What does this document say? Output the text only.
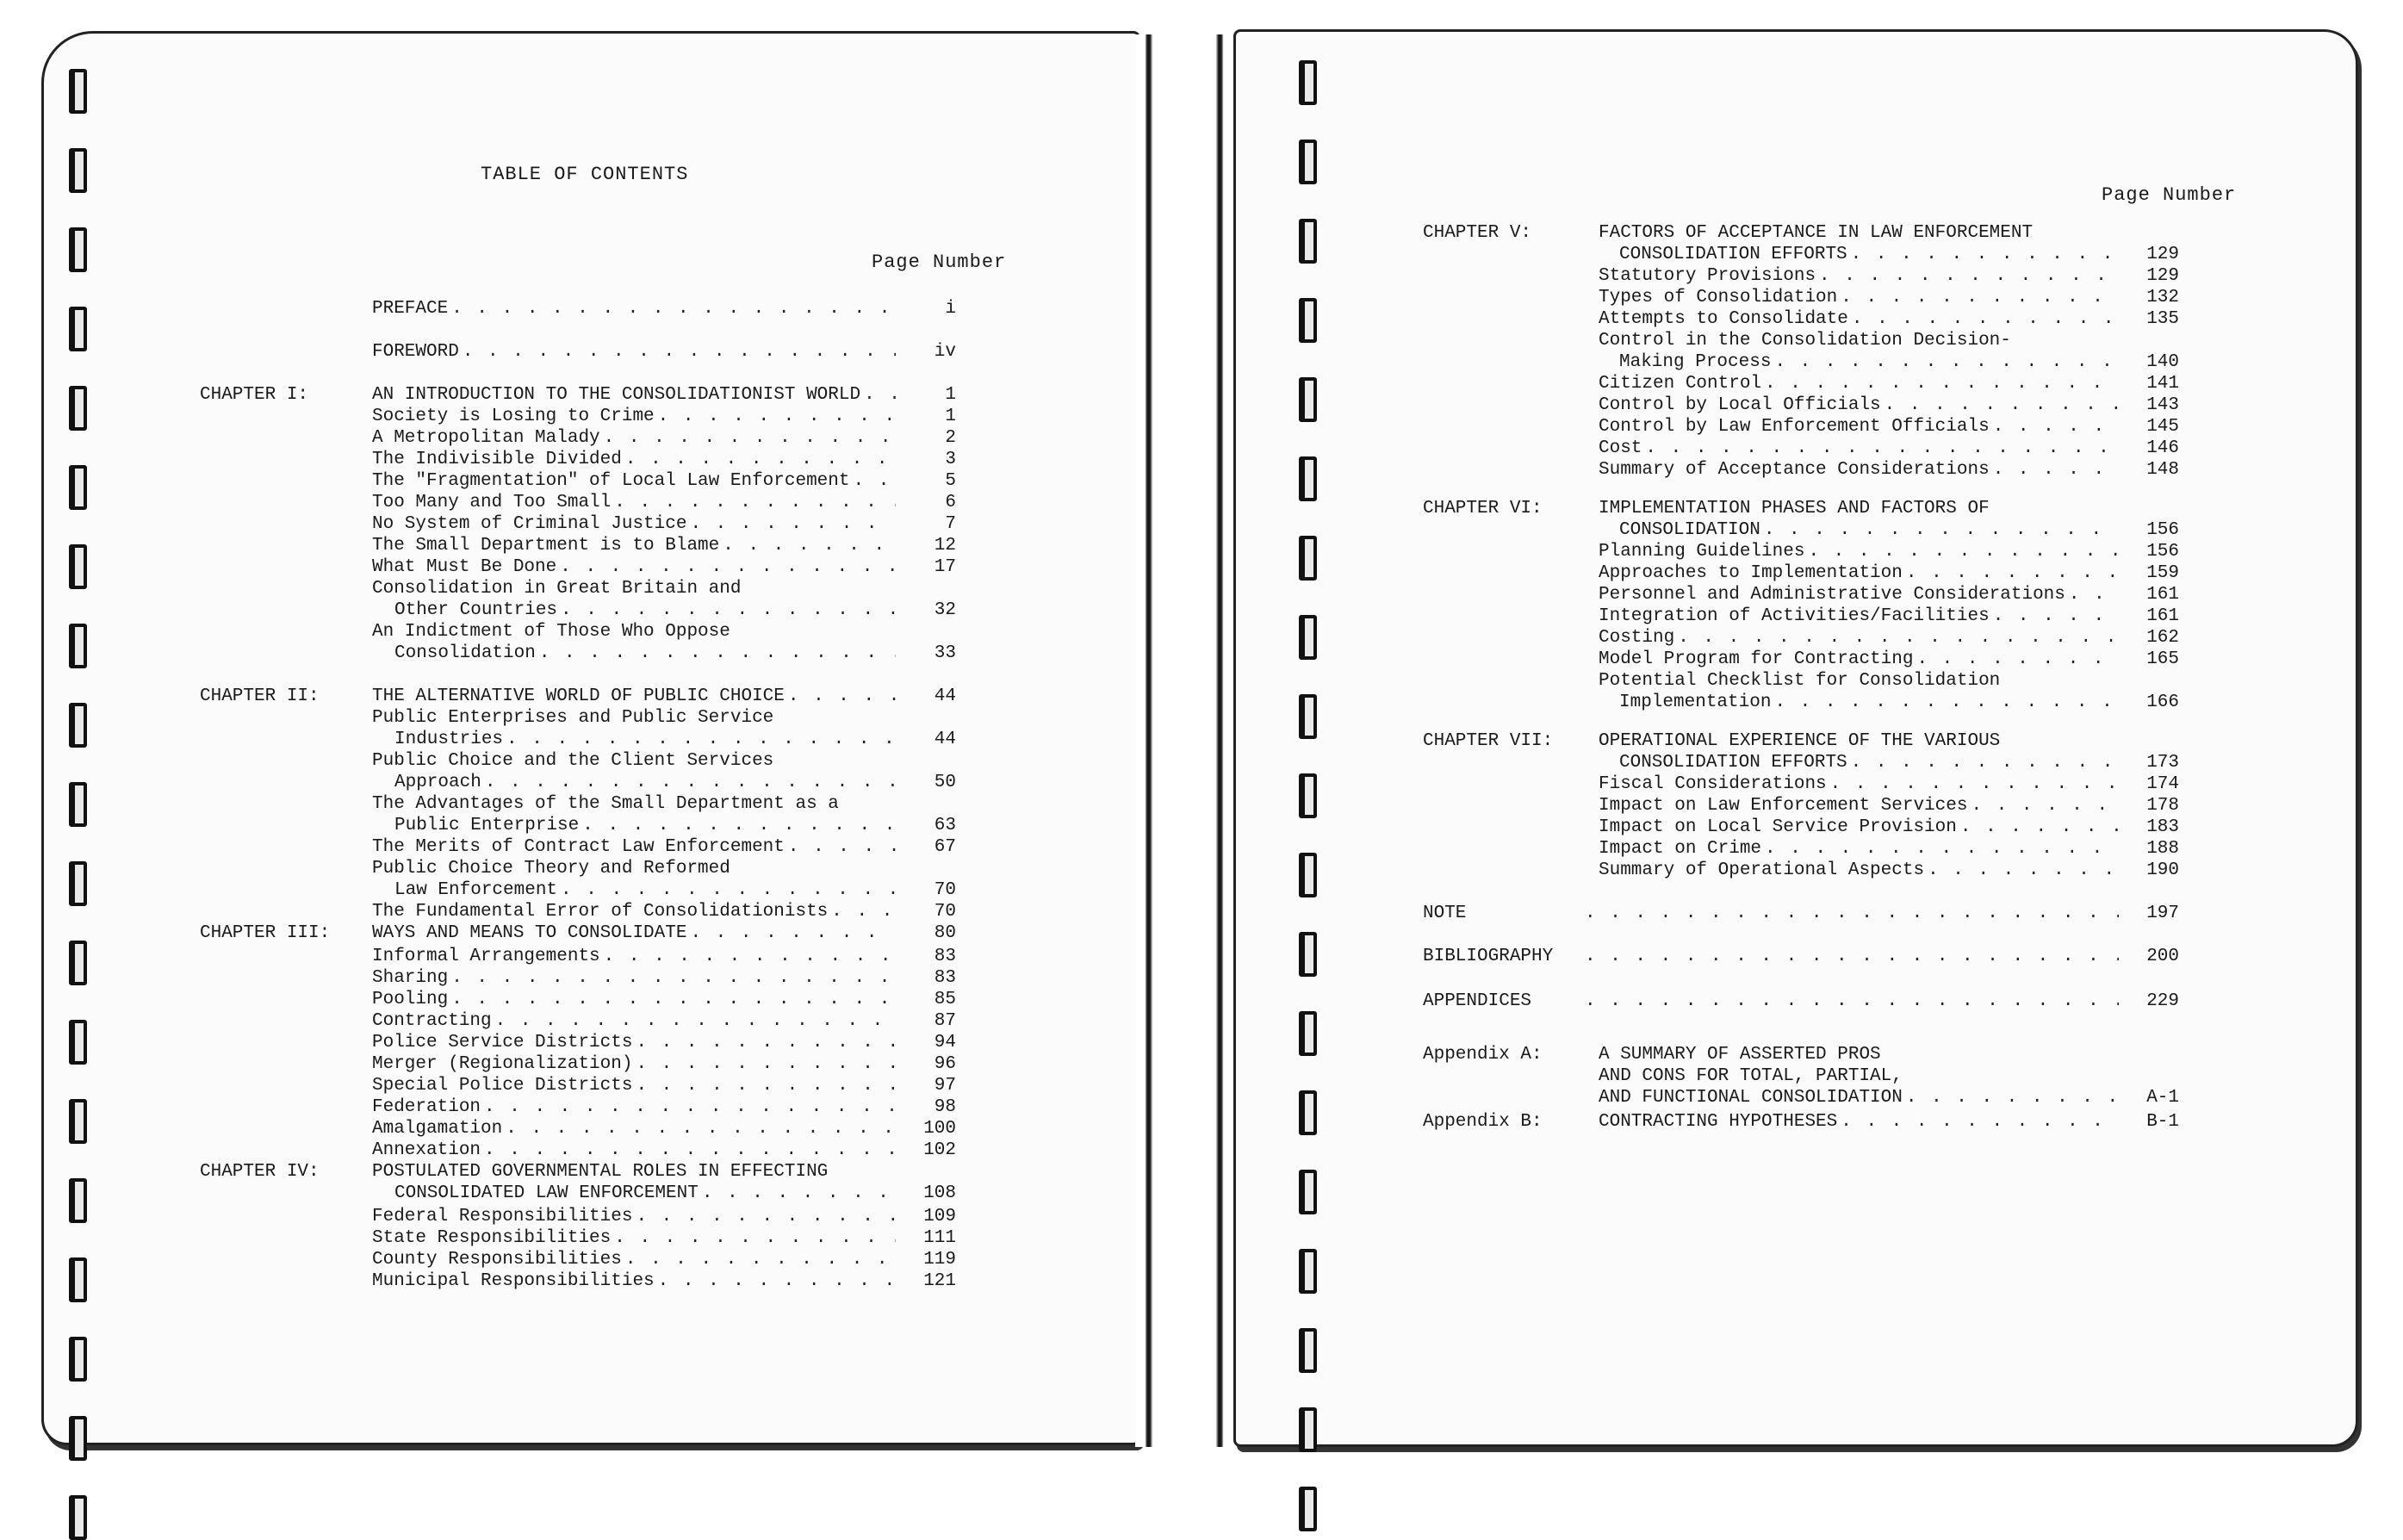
TABLE OF CONTENTS
Page Number
Page Number
PREFACE . . .	i
FOREWORD . . .	iv
CHAPTER I:	AN INTRODUCTION TO THE CONSOLIDATIONIST WORLD . . .	1
Society is Losing to Crime . . .	1
A Metropolitan Malady . . .	2
The Indivisible Divided . . .	3
The "Fragmentation" of Local Law Enforcement . . .	5
Too Many and Too Small . . .	6
No System of Criminal Justice . . .	7
The Small Department is to Blame . . .	12
What Must Be Done . . .	17
Consolidation in Great Britain and
Other Countries . . .	32
An Indictment of Those Who Oppose
Consolidation . . .	33
CHAPTER II:	THE ALTERNATIVE WORLD OF PUBLIC CHOICE . . .	44
Public Enterprises and Public Service
Industries . . .	44
Public Choice and the Client Services
Approach . . .	50
The Advantages of the Small Department as a
Public Enterprise . . .	63
The Merits of Contract Law Enforcement . . .	67
Public Choice Theory and Reformed
Law Enforcement . . .	70
The Fundamental Error of Consolidationists . . .	70
CHAPTER III: WAYS AND MEANS TO CONSOLIDATE . . .	80
Informal Arrangements . . .	83
Sharing . . .	83
Pooling . . .	85
Contracting . . .	87
Police Service Districts . . .	94
Merger (Regionalization) . . .	96
Special Police Districts . . .	97
Federation . . .	98
Amalgamation . . .	100
Annexation . . .	102
CHAPTER IV:	POSTULATED GOVERNMENTAL ROLES IN EFFECTING
CONSOLIDATED LAW ENFORCEMENT . . .	108
Federal Responsibilities . . .	109
State Responsibilities . . .	111
County Responsibilities . . .	119
Municipal Responsibilities . . .	121
CHAPTER V:	FACTORS OF ACCEPTANCE IN LAW ENFORCEMENT
CONSOLIDATION EFFORTS . . .	129
Statutory Provisions . . .	129
Types of Consolidation . . .	132
Attempts to Consolidate . . .	135
Control in the Consolidation Decision-
Making Process . . .	140
Citizen Control . . .	141
Control by Local Officials . . .	143
Control by Law Enforcement Officials . . .	145
Cost . . .	146
Summary of Acceptance Considerations . . .	148
CHAPTER VI:	IMPLEMENTATION PHASES AND FACTORS OF
CONSOLIDATION . . .	156
Planning Guidelines . . .	156
Approaches to Implementation . . .	159
Personnel and Administrative Considerations . . .	161
Integration of Activities/Facilities . . .	161
Costing . . .	162
Model Program for Contracting . . .	165
Potential Checklist for Consolidation
Implementation . . .	166
CHAPTER VII:	OPERATIONAL EXPERIENCE OF THE VARIOUS
CONSOLIDATION EFFORTS . . .	173
Fiscal Considerations . . .	174
Impact on Law Enforcement Services . . .	178
Impact on Local Service Provision . . .	183
Impact on Crime . . .	188
Summary of Operational Aspects . . .	190
NOTE . . .	197
BIBLIOGRAPHY . . .	200
APPENDICES . . .	229
Appendix A:	A SUMMARY OF ASSERTED PROS
AND CONS FOR TOTAL, PARTIAL,
AND FUNCTIONAL CONSOLIDATION . . .	A-1
Appendix B:	CONTRACTING HYPOTHESES . . .	B-1
